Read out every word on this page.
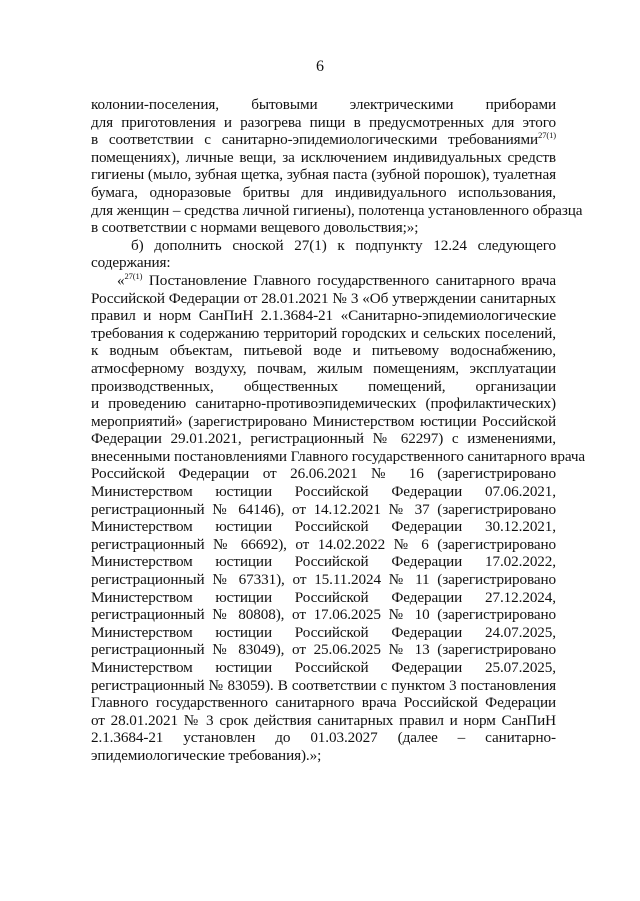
6
колонии-поселения, бытовыми электрическими приборами
для приготовления и разогрева пищи в предусмотренных для этого
в соответствии с санитарно-эпидемиологическими требованиями$^{27(1)}$
помещениях), личные вещи, за исключением индивидуальных средств
гигиены (мыло, зубная щетка, зубная паста (зубной порошок), туалетная
бумага, одноразовые бритвы для индивидуального использования,
для женщин – средства личной гигиены), полотенца установленного образца
в соответствии с нормами вещевого довольствия;»;
б) дополнить сноской 27(1) к подпункту 12.24 следующего
содержания:
«$^{27(1)}$ Постановление Главного государственного санитарного врача
Российской Федерации от 28.01.2021 № 3 «Об утверждении санитарных
правил и норм СанПиН 2.1.3684-21 «Санитарно-эпидемиологические
требования к содержанию территорий городских и сельских поселений,
к водным объектам, питьевой воде и питьевому водоснабжению,
атмосферному воздуху, почвам, жилым помещениям, эксплуатации
производственных, общественных помещений, организации
и проведению санитарно-противоэпидемических (профилактических)
мероприятий» (зарегистрировано Министерством юстиции Российской
Федерации 29.01.2021, регистрационный № 62297) с изменениями,
внесенными постановлениями Главного государственного санитарного врача
Российской Федерации от 26.06.2021 № 16 (зарегистрировано
Министерством юстиции Российской Федерации 07.06.2021,
регистрационный № 64146), от 14.12.2021 № 37 (зарегистрировано
Министерством юстиции Российской Федерации 30.12.2021,
регистрационный № 66692), от 14.02.2022 № 6 (зарегистрировано
Министерством юстиции Российской Федерации 17.02.2022,
регистрационный № 67331), от 15.11.2024 № 11 (зарегистрировано
Министерством юстиции Российской Федерации 27.12.2024,
регистрационный № 80808), от 17.06.2025 № 10 (зарегистрировано
Министерством юстиции Российской Федерации 24.07.2025,
регистрационный № 83049), от 25.06.2025 № 13 (зарегистрировано
Министерством юстиции Российской Федерации 25.07.2025,
регистрационный № 83059). В соответствии с пунктом 3 постановления
Главного государственного санитарного врача Российской Федерации
от 28.01.2021 № 3 срок действия санитарных правил и норм СанПиН
2.1.3684-21 установлен до 01.03.2027 (далее – санитарно-
эпидемиологические требования).»;
